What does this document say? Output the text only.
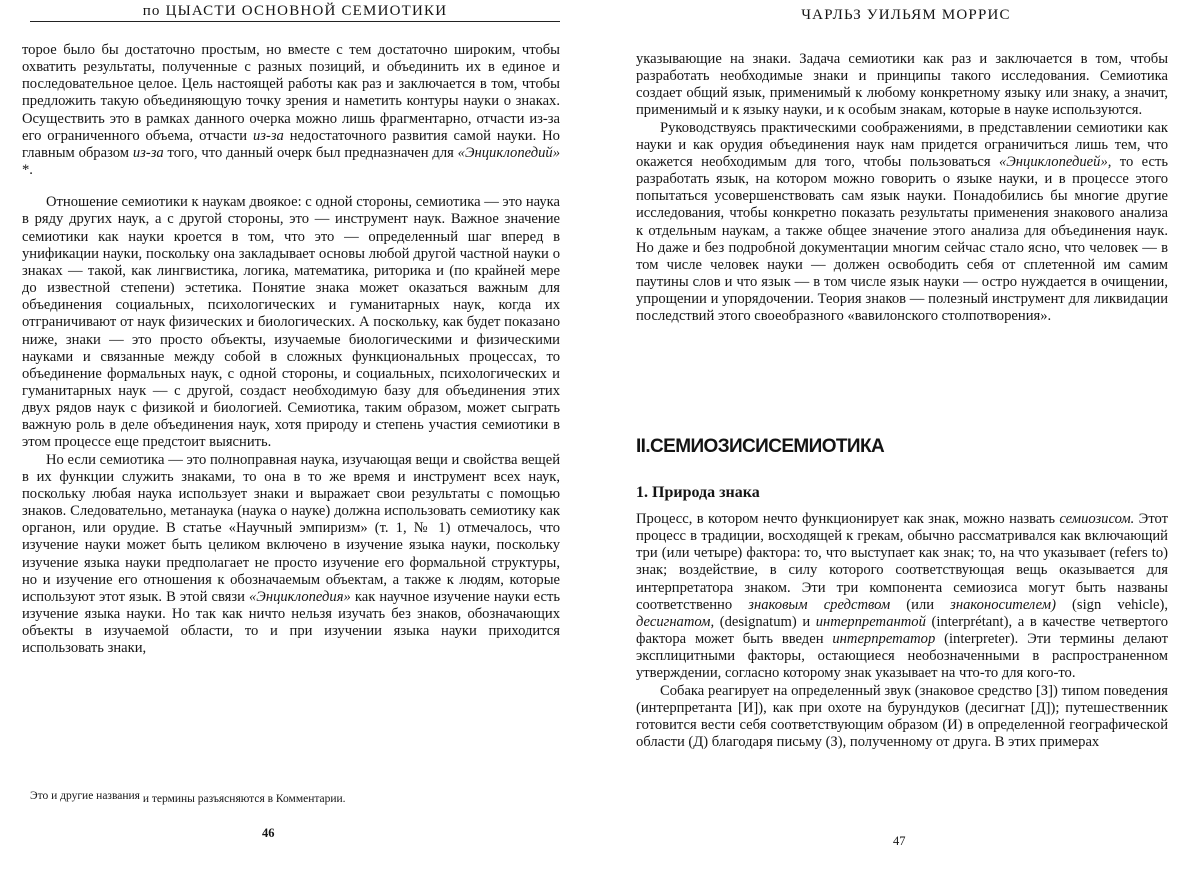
по ЦЫАСТИ ОСНОВНОЙ СЕМИОТИКИ

торое было бы достаточно простым, но вместе с тем достаточно широким, чтобы охватить результаты, полученные с разных позиций, и объединить их в единое и последовательное целое. Цель настоящей работы как раз и заключается в том, чтобы предложить такую объединяющую точку зрения и наметить контуры науки о знаках. Осуществить это в рамках данного очерка можно лишь фрагментарно, отчасти из-за его ограниченного объема, отчасти из-за недостаточного развития самой науки. Но главным образом из-за того, что данный очерк был предназначен для «Энциклопедий» *.

Отношение семиотики к наукам двоякое: с одной стороны, семиотика — это наука в ряду других наук, а с другой стороны, это — инструмент наук. Важное значение семиотики как науки кроется в том, что это — определенный шаг вперед в унификации науки, поскольку она закладывает основы любой другой частной науки о знаках — такой, как лингвистика, логика, математика, риторика и (по крайней мере до известной степени) эстетика. Понятие знака может оказаться важным для объединения социальных, психологических и гуманитарных наук, когда их отграничивают от наук физических и биологических. А поскольку, как будет показано ниже, знаки — это просто объекты, изучаемые биологическими и физическими науками и связанные между собой в сложных функциональных процессах, то объединение формальных наук, с одной стороны, и социальных, психологических и гуманитарных наук — с другой, создаст необходимую базу для объединения этих двух рядов наук с физикой и биологией. Семиотика, таким образом, может сыграть важную роль в деле объединения наук, хотя природу и степень участия семиотики в этом процессе еще предстоит выяснить.

Но если семиотика — это полноправная наука, изучающая вещи и свойства вещей в их функции служить знаками, то она в то же время и инструмент всех наук, поскольку любая наука использует знаки и выражает свои результаты с помощью знаков. Следовательно, метанаука (наука о науке) должна использовать семиотику как органон, или орудие. В статье «Научный эмпиризм» (т. 1, № 1) отмечалось, что изучение науки может быть целиком включено в изучение языка науки, поскольку изучение языка науки предполагает не просто изучение его формальной структуры, но и изучение его отношения к обозначаемым объектам, а также к людям, которые используют этот язык. В этой связи «Энциклопедия» как научное изучение науки есть изучение языка науки. Но так как ничто нельзя изучать без знаков, обозначающих объекты в изучаемой области, то и при изучении языка науки приходится использовать знаки,

Это и другие названия и термины разъясняются в Комментарии.
46
ЧАРЛЬЗ УИЛЬЯМ МОРРИС

указывающие на знаки. Задача семиотики как раз и заключается в том, чтобы разработать необходимые знаки и принципы такого исследования. Семиотика создает общий язык, применимый к любому конкретному языку или знаку, а значит, применимый и к языку науки, и к особым знакам, которые в науке используются.

Руководствуясь практическими соображениями, в представлении семиотики как науки и как орудия объединения наук нам придется ограничиться лишь тем, что окажется необходимым для того, чтобы пользоваться «Энциклопедией», то есть разработать язык, на котором можно говорить о языке науки, и в процессе этого попытаться усовершенствовать сам язык науки. Понадобились бы многие другие исследования, чтобы конкретно показать результаты применения знакового анализа к отдельным наукам, а также общее значение этого анализа для объединения наук. Но даже и без подробной документации многим сейчас стало ясно, что человек — в том числе человек науки — должен освободить себя от сплетенной им самим паутины слов и что язык — в том числе язык науки — остро нуждается в очищении, упрощении и упорядочении. Теория знаков — полезный инструмент для ликвидации последствий этого своеобразного «вавилонского столпотворения».

II.СЕМИОЗИСИСЕМИОТИКА
1. Природа знака

Процесс, в котором нечто функционирует как знак, можно назвать семиозисом. Этот процесс в традиции, восходящей к грекам, обычно рассматривался как включающий три (или четыре) фактора: то, что выступает как знак; то, на что указывает (refers to) знак; воздействие, в силу которого соответствующая вещь оказывается для интерпретатора знаком. Эти три компонента семиозиса могут быть названы соответственно знаковым средством (или знаконосителем) (sign vehicle), десигнатом, (designatum) и интерпретантой (interprétant), а в качестве четвертого фактора может быть введен интерпретатор (interpreter). Эти термины делают эксплицитными факторы, остающиеся необозначенными в распространенном утверждении, согласно которому знак указывает на что-то для кого-то.

Собака реагирует на определенный звук (знаковое средство [З]) типом поведения (интерпретанта [И]), как при охоте на бурундуков (десигнат [Д]); путешественник готовится вести себя соответствующим образом (И) в определенной географической области (Д) благодаря письму (З), полученному от друга. В этих примерах

47
